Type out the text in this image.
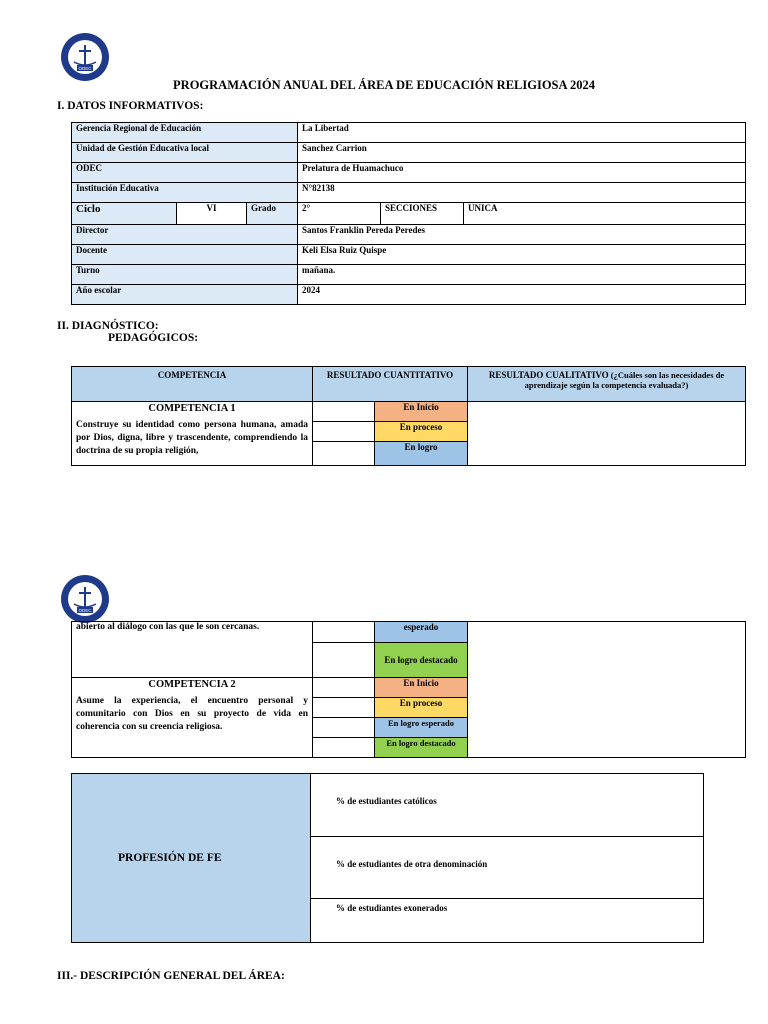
ODEC
PROGRAMACIÓN ANUAL DEL ÁREA DE EDUCACIÓN RELIGIOSA 2024
I. DATOS INFORMATIVOS:
Gerencia Regional de Educación			La Libertad		
Unidad de Gestión Educativa local			Sanchez Carrion		
ODEC			Prelatura de Huamachuco		
Institución Educativa			N°82138		
Ciclo	VI	Grado	2°	SECCIONES	UNICA
Director			Santos Franklin Pereda Peredes		
Docente			Keli Elsa Ruiz Quispe		
Turno			mañana.		
Año escolar			2024		
II. DIAGNÓSTICO:
PEDAGÓGICOS:
COMPETENCIA	RESULTADO CUANTITATIVO		RESULTADO CUALITATIVO (¿Cuáles son las necesidades de aprendizaje según la competencia evaluada?)

COMPETENCIA 1
Construye su identidad como persona humana, amada por Dios, digna, libre y trascendente, comprendiendo la doctrina de su propia religión,		En Inicio	
		En proceso	
		En logro	
ODEC
abierto al diálogo con las que le son cercanas.		esperado	
		En logro destacado	

COMPETENCIA 2
Asume la experiencia, el encuentro personal y comunitario con Dios en su proyecto de vida en coherencia con su creencia religiosa.		En Inicio	
		En proceso	
		En logro esperado	
		En logro destacado	
PROFESIÓN DE FE	% de estudiantes católicos
% de estudiantes de otra denominación
% de estudiantes exonerados
III.- DESCRIPCIÓN GENERAL DEL ÁREA:
